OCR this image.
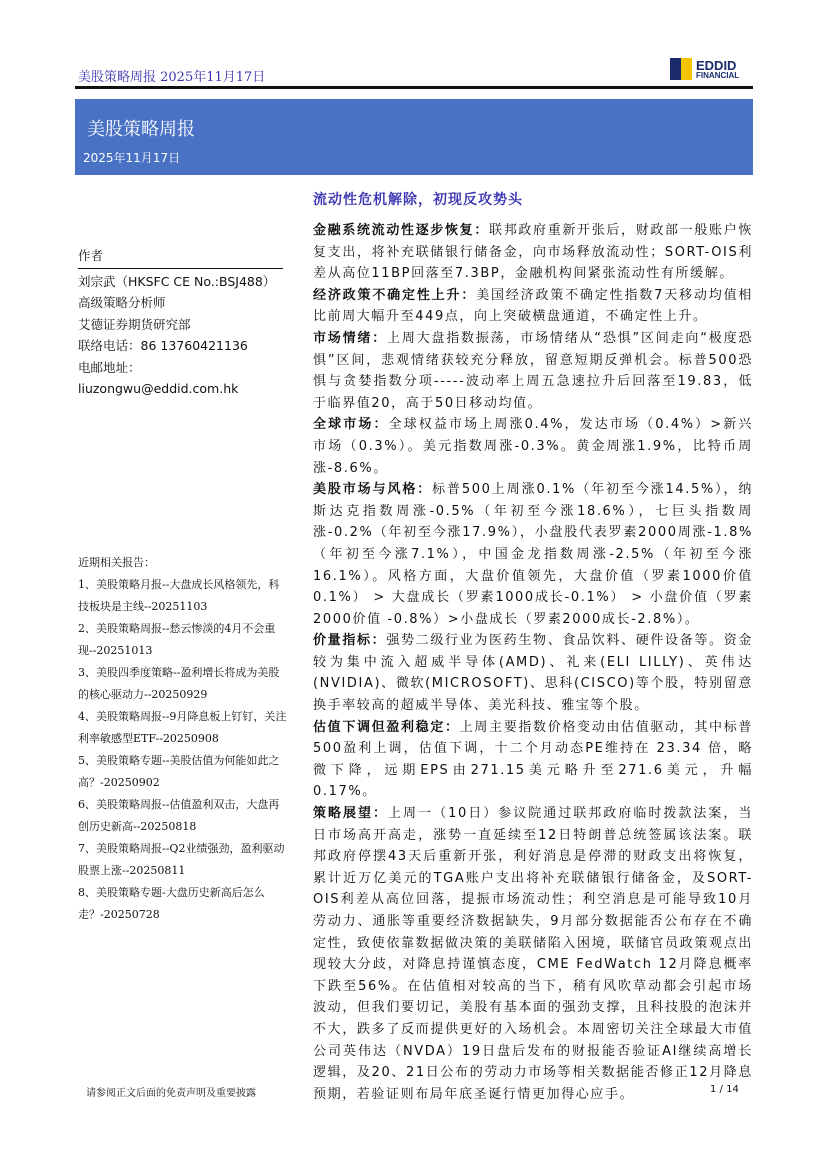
美股策略周报 2025年11月17日
EDDID
FINANCIAL
美股策略周报
2025年11月17日
流动性危机解除，初现反攻势头

金融系统流动性逐步恢复：联邦政府重新开张后，财政部一般账户恢复支出，将补充联储银行储备金，向市场释放流动性；SORT-OIS利差从高位11BP回落至7.3BP，金融机构间紧张流动性有所缓解。

经济政策不确定性上升：美国经济政策不确定性指数7天移动均值相比前周大幅升至449点，向上突破横盘通道，不确定性上升。

市场情绪：上周大盘指数振荡，市场情绪从“恐惧”区间走向“极度恐惧”区间，悲观情绪获较充分释放，留意短期反弹机会。标普500恐惧与贪婪指数分项-----波动率上周五急速拉升后回落至19.83，低于临界值20，高于50日移动均值。

全球市场：全球权益市场上周涨0.4%，发达市场（0.4%）>新兴市场（0.3%）。美元指数周涨-0.3%。黄金周涨1.9%，比特币周涨-8.6%。

美股市场与风格：标普500上周涨0.1%（年初至今涨14.5%），纳斯达克指数周涨-0.5%（年初至今涨18.6%），七巨头指数周涨-0.2%（年初至今涨17.9%），小盘股代表罗素2000周涨-1.8%（年初至今涨7.1%），中国金龙指数周涨-2.5%（年初至今涨16.1%）。风格方面，大盘价值领先，大盘价值（罗素1000价值 0.1%） > 大盘成长（罗素1000成长-0.1%） > 小盘价值（罗素2000价值 -0.8%）>小盘成长（罗素2000成长-2.8%）。

价量指标：强势二级行业为医药生物、食品饮料、硬件设备等。资金较为集中流入超威半导体(AMD)、礼来(ELI LILLY)、英伟达(NVIDIA)、微软(MICROSOFT)、思科(CISCO)等个股，特别留意换手率较高的超威半导体、美光科技、雅宝等个股。

估值下调但盈利稳定：上周主要指数价格变动由估值驱动，其中标普500盈利上调，估值下调，十二个月动态PE维持在 23.34 倍，略微下降，远期EPS由271.15美元略升至271.6美元，升幅 0.17%。

策略展望：上周一（10日）参议院通过联邦政府临时拨款法案，当日市场高开高走，涨势一直延续至12日特朗普总统签属该法案。联邦政府停摆43天后重新开张，利好消息是停滞的财政支出将恢复，累计近万亿美元的TGA账户支出将补充联储银行储备金，及SORT-OIS利差从高位回落，提振市场流动性；利空消息是可能导致10月劳动力、通胀等重要经济数据缺失，9月部分数据能否公布存在不确定性，致使依靠数据做决策的美联储陷入困境，联储官员政策观点出现较大分歧，对降息持谨慎态度，CME FedWatch 12月降息概率下跌至56%。在估值相对较高的当下，稍有风吹草动都会引起市场波动，但我们要切记，美股有基本面的强劲支撑，且科技股的泡沫并不大，跌多了反而提供更好的入场机会。本周密切关注全球最大市值公司英伟达（NVDA）19日盘后发布的财报能否验证AI继续高增长逻辑，及20、21日公布的劳动力市场等相关数据能否修正12月降息预期，若验证则布局年底圣诞行情更加得心应手。

作者
刘宗武（HKSFC CE No.:BSJ488）
高级策略分析师
艾德证券期货研究部
联络电话：86 13760421136
电邮地址：
liuzongwu@eddid.com.hk
近期相关报告：
1、美股策略月报--大盘成长风格领先，科技板块是主线--20251103
2、美股策略周报--愁云惨淡的4月不会重现--20251013
3、美股四季度策略--盈利增长将成为美股的核心驱动力--20250929
4、美股策略周报--9月降息板上钉钉，关注利率敏感型ETF--20250908
5、美股策略专题--美股估值为何能如此之高？-20250902
6、美股策略周报--估值盈利双击，大盘再创历史新高--20250818
7、美股策略周报--Q2业绩强劲，盈利驱动股票上涨--20250811
8、美股策略专题-大盘历史新高后怎么走？-20250728
请参阅正文后面的免责声明及重要披露	1 / 14
